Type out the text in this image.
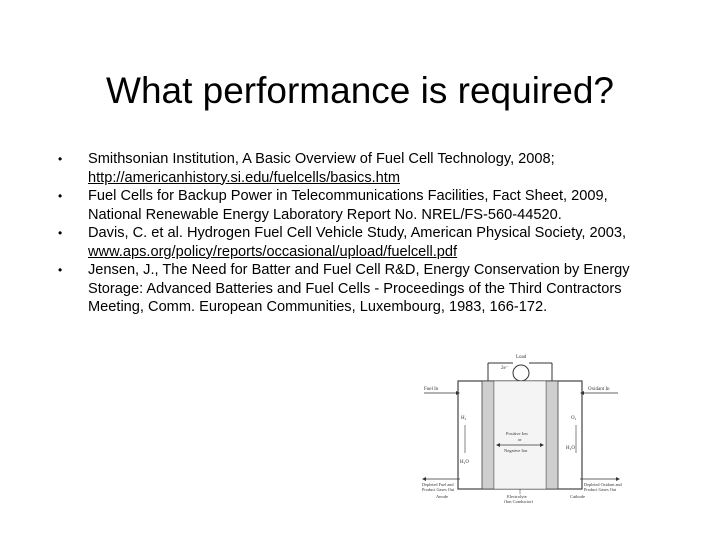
What performance is required?
• Smithsonian Institution, A Basic Overview of Fuel Cell Technology, 2008; http://americanhistory.si.edu/fuelcells/basics.htm
• Fuel Cells for Backup Power in Telecommunications Facilities, Fact Sheet, 2009, National Renewable Energy Laboratory Report No. NREL/FS-560-44520.
• Davis, C. et al. Hydrogen Fuel Cell Vehicle Study, American Physical Society, 2003, www.aps.org/policy/reports/occasional/upload/fuelcell.pdf
• Jensen, J., The Need for Batter and Fuel Cell R&D, Energy Conservation by Energy Storage: Advanced Batteries and Fuel Cells - Proceedings of the Third Contractors Meeting, Comm. European Communities, Luxembourg, 1983, 166-172.
Load
2e⁻
Fuel In	Oxidant In
H₂	O₂
Positive Ion
or
Negative Ion
H₂O
H₂O
Depleted Fuel and
Product Gases Out
Depleted Oxidant and
Product Gases Out
Anode	Cathode
Electrolyte
(Ion Conductor)
